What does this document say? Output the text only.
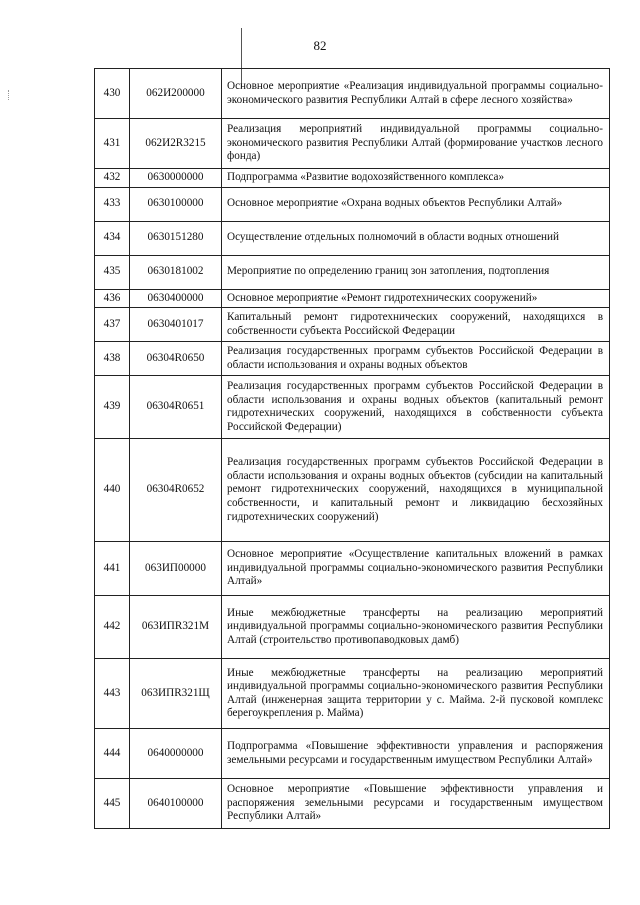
82
430	062И200000	Основное мероприятие «Реализация индивидуальной программы социально-экономического развития Республики Алтай в сфере лесного хозяйства»
431	062И2R3215	Реализация мероприятий индивидуальной программы социально-экономического развития Республики Алтай (формирование участков лесного фонда)
432	0630000000	Подпрограмма «Развитие водохозяйственного комплекса»
433	0630100000	Основное мероприятие «Охрана водных объектов Республики Алтай»
434	0630151280	Осуществление отдельных полномочий в области водных отношений
435	0630181002	Мероприятие по определению границ зон затопления, подтопления
436	0630400000	Основное мероприятие «Ремонт гидротехнических сооружений»
437	0630401017	Капитальный ремонт гидротехнических сооружений, находящихся в собственности субъекта Российской Федерации
438	06304R0650	Реализация государственных программ субъектов Российской Федерации в области использования и охраны водных объектов
439	06304R0651	Реализация государственных программ субъектов Российской Федерации в области использования и охраны водных объектов (капитальный ремонт гидротехнических сооружений, находящихся в собственности субъекта Российской Федерации)
440	06304R0652	Реализация государственных программ субъектов Российской Федерации в области использования и охраны водных объектов (субсидии на капитальный ремонт гидротехнических сооружений, находящихся в муниципальной собственности, и капитальный ремонт и ликвидацию бесхозяйных гидротехнических сооружений)
441	063ИП00000	Основное мероприятие «Осуществление капитальных вложений в рамках индивидуальной программы социально-экономического развития Республики Алтай»
442	063ИПR321М	Иные межбюджетные трансферты на реализацию мероприятий индивидуальной программы социально-экономического развития Республики Алтай (строительство противопаводковых дамб)
443	063ИПR321Щ	Иные межбюджетные трансферты на реализацию мероприятий индивидуальной программы социально-экономического развития Республики Алтай (инженерная защита территории у с. Майма. 2-й пусковой комплекс берегоукрепления р. Майма)
444	0640000000	Подпрограмма «Повышение эффективности управления и распоряжения земельными ресурсами и государственным имуществом Республики Алтай»
445	0640100000	Основное мероприятие «Повышение эффективности управления и распоряжения земельными ресурсами и государственным имуществом Республики Алтай»
